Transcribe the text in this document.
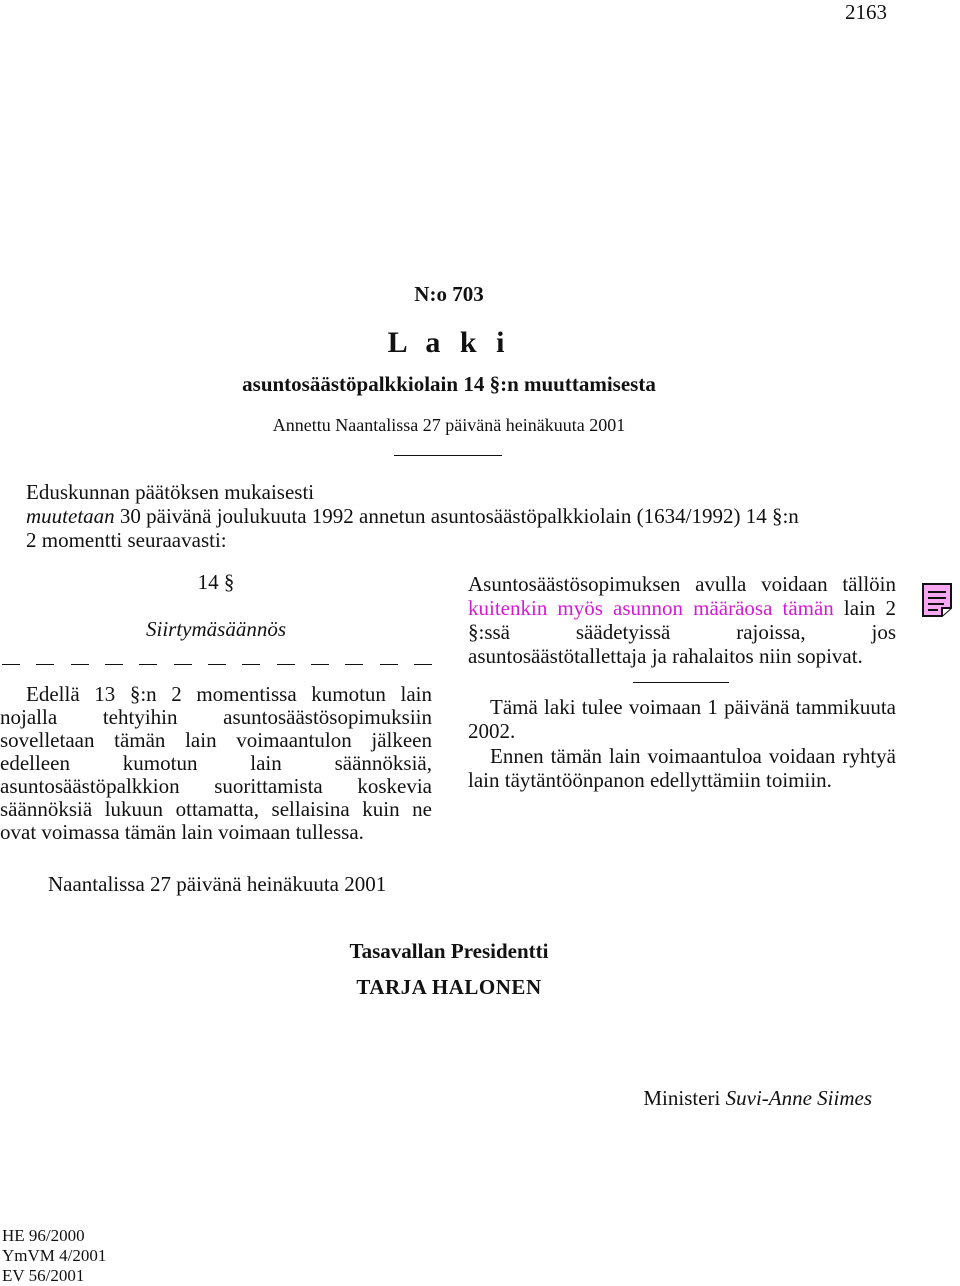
2163
N:o 703
L a k i
asuntosäästöpalkkiolain 14 §:n muuttamisesta
Annettu Naantalissa 27 päivänä heinäkuuta 2001
Eduskunnan päätöksen mukaisesti
muutetaan 30 päivänä joulukuuta 1992 annetun asuntosäästöpalkkiolain (1634/1992) 14 §:n
2 momentti seuraavasti:
14 §
Siirtymäsäännös
Edellä 13 §:n 2 momentissa kumotun lain nojalla tehtyihin asuntosäästösopimuksiin sovelletaan tämän lain voimaantulon jälkeen edelleen kumotun lain säännöksiä, asuntosäästöpalkkion suorittamista koskevia säännöksiä lukuun ottamatta, sellaisina kuin ne ovat voimassa tämän lain voimaan tullessa.
Asuntosäästösopimuksen avulla voidaan tällöin kuitenkin myös asunnon määräosa tämän lain 2 §:ssä säädetyissä rajoissa, jos asuntosäästötallettaja ja rahalaitos niin sopivat.
Tämä laki tulee voimaan 1 päivänä tammikuuta 2002.
Ennen tämän lain voimaantuloa voidaan ryhtyä lain täytäntöönpanon edellyttämiin toimiin.
Naantalissa 27 päivänä heinäkuuta 2001
Tasavallan Presidentti
TARJA HALONEN
Ministeri Suvi-Anne Siimes
HE 96/2000
YmVM 4/2001
EV 56/2001
